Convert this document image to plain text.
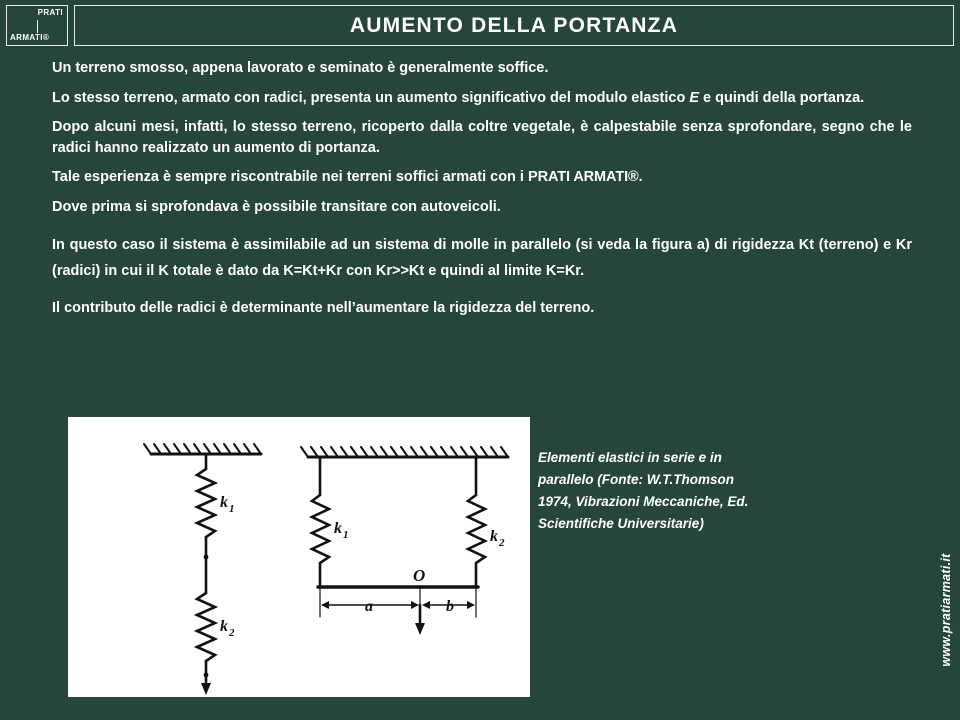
PRATI
ARMATI®
AUMENTO DELLA PORTANZA

Un terreno smosso, appena lavorato e seminato è generalmente soffice.

Lo stesso terreno, armato con radici, presenta un aumento significativo del modulo elastico E e quindi della portanza.

Dopo alcuni mesi, infatti, lo stesso terreno, ricoperto dalla coltre vegetale, è calpestabile senza sprofondare, segno che le radici hanno realizzato un aumento di portanza.

Tale esperienza è sempre riscontrabile nei terreni soffici armati con i PRATI ARMATI®.

Dove prima si sprofondava è possibile transitare con autoveicoli.

In questo caso il sistema è assimilabile ad un sistema di molle in parallelo (si veda la figura a) di rigidezza Kt (terreno) e Kr (radici) in cui il K totale è dato da K=Kt+Kr con Kr>>Kt e quindi al limite K=Kr.

Il contributo delle radici è determinante nell’aumentare la rigidezza del terreno.

k 1
k 2
k 1	k 2
O
a	b
Elementi elastici in serie e in parallelo (Fonte: W.T.Thomson 1974, Vibrazioni Meccaniche, Ed. Scientifiche Universitarie)
www.pratiarmati.it
